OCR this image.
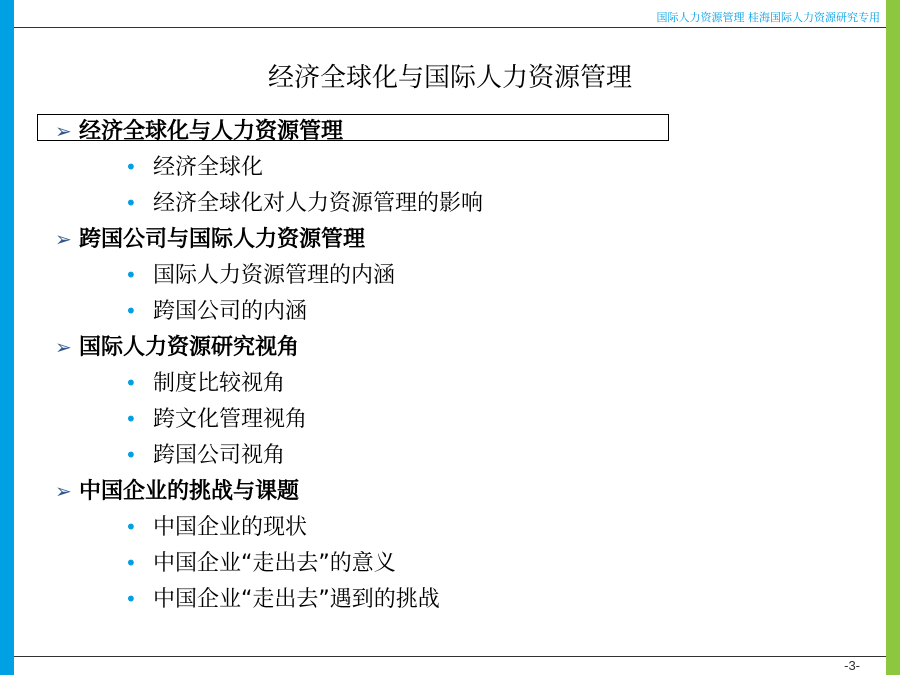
国际人力资源管理 桂海国际人力资源研究专用
经济全球化与国际人力资源管理
➢ 经济全球化与人力资源管理
• 经济全球化
• 经济全球化对人力资源管理的影响
➢ 跨国公司与国际人力资源管理
• 国际人力资源管理的内涵
• 跨国公司的内涵
➢ 国际人力资源研究视角
• 制度比较视角
• 跨文化管理视角
• 跨国公司视角
➢ 中国企业的挑战与课题
• 中国企业的现状
• 中国企业“走出去”的意义
• 中国企业“走出去”遇到的挑战
-3-
